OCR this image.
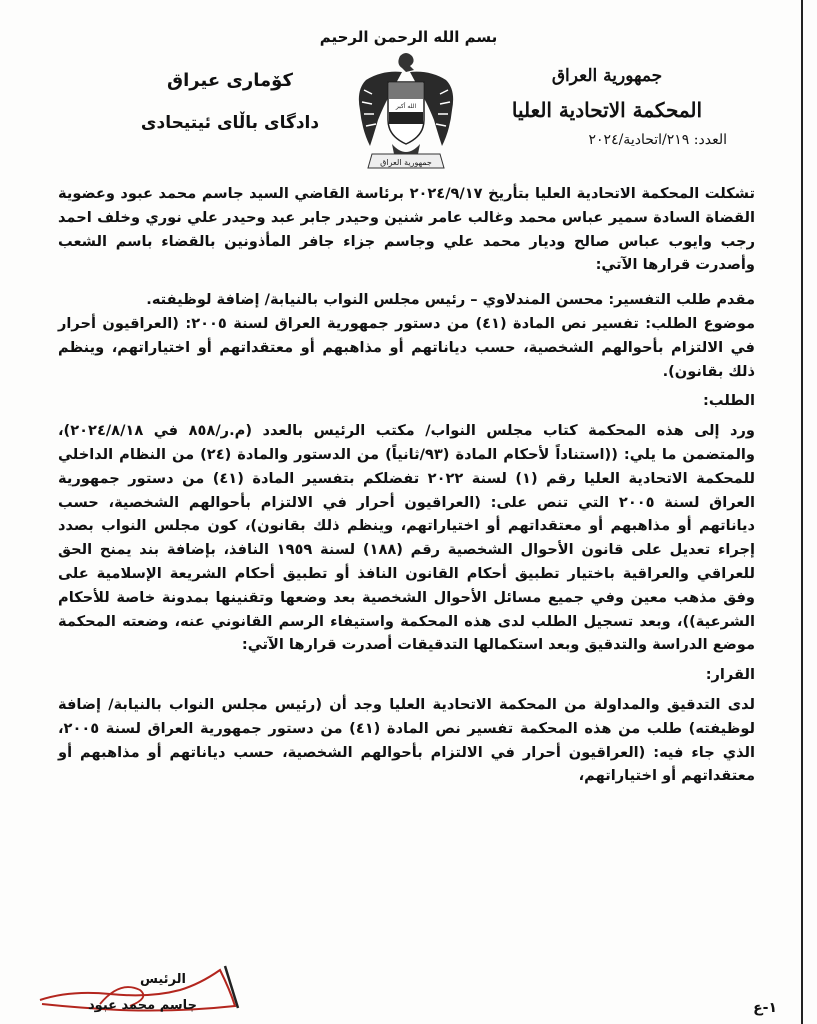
بسم الله الرحمن الرحيم
جمهورية العراق
المحكمة الاتحادية العليا
العدد: ٢١٩/اتحادية/٢٠٢٤
كۆماری عیراق
دادگای باڵای ئیتیحادی
الله أكبر
جمهورية العراق

تشكلت المحكمة الاتحادية العليا بتأريخ ٢٠٢٤/٩/١٧ برئاسة القاضي السيد جاسم محمد عبود وعضوية القضاة السادة سمير عباس محمد وغالب عامر شنين وحيدر جابر عبد وحيدر علي نوري وخلف احمد رجب وايوب عباس صالح وديار محمد علي وجاسم جزاء جافر المأذونين بالقضاء باسم الشعب وأصدرت قرارها الآتي:

مقدم طلب التفسير: محسن المندلاوي – رئيس مجلس النواب بالنيابة/ إضافة لوظيفته.

موضوع الطلب: تفسير نص المادة (٤١) من دستور جمهورية العراق لسنة ٢٠٠٥: (العراقيون أحرار في الالتزام بأحوالهم الشخصية، حسب دياناتهم أو مذاهبهم أو معتقداتهم أو اختياراتهم، وينظم ذلك بقانون).

الطلب:

ورد إلى هذه المحكمة كتاب مجلس النواب/ مكتب الرئيس بالعدد (م.ر/٨٥٨ في ٢٠٢٤/٨/١٨)، والمتضمن ما يلي: ((استناداً لأحكام المادة (٩٣/ثانياً) من الدستور والمادة (٢٤) من النظام الداخلي للمحكمة الاتحادية العليا رقم (١) لسنة ٢٠٢٢ تفضلكم بتفسير المادة (٤١) من دستور جمهورية العراق لسنة ٢٠٠٥ التي تنص على: (العراقيون أحرار في الالتزام بأحوالهم الشخصية، حسب دياناتهم أو مذاهبهم أو معتقداتهم أو اختياراتهم، وينظم ذلك بقانون)، كون مجلس النواب بصدد إجراء تعديل على قانون الأحوال الشخصية رقم (١٨٨) لسنة ١٩٥٩ النافذ، بإضافة بند يمنح الحق للعراقي والعراقية باختيار تطبيق أحكام القانون النافذ أو تطبيق أحكام الشريعة الإسلامية على وفق مذهب معين وفي جميع مسائل الأحوال الشخصية بعد وضعها وتقنينها بمدونة خاصة للأحكام الشرعية))، وبعد تسجيل الطلب لدى هذه المحكمة واستيفاء الرسم القانوني عنه، وضعته المحكمة موضع الدراسة والتدقيق وبعد استكمالها التدقيقات أصدرت قرارها الآتي:

القرار:

لدى التدقيق والمداولة من المحكمة الاتحادية العليا وجد أن (رئيس مجلس النواب بالنيابة/ إضافة لوظيفته) طلب من هذه المحكمة تفسير نص المادة (٤١) من دستور جمهورية العراق لسنة ٢٠٠٥، الذي جاء فيه: (العراقيون أحرار في الالتزام بأحوالهم الشخصية، حسب دياناتهم أو مذاهبهم أو معتقداتهم أو اختياراتهم،

الرئيس
جاسم محمد عبود	١-ع
